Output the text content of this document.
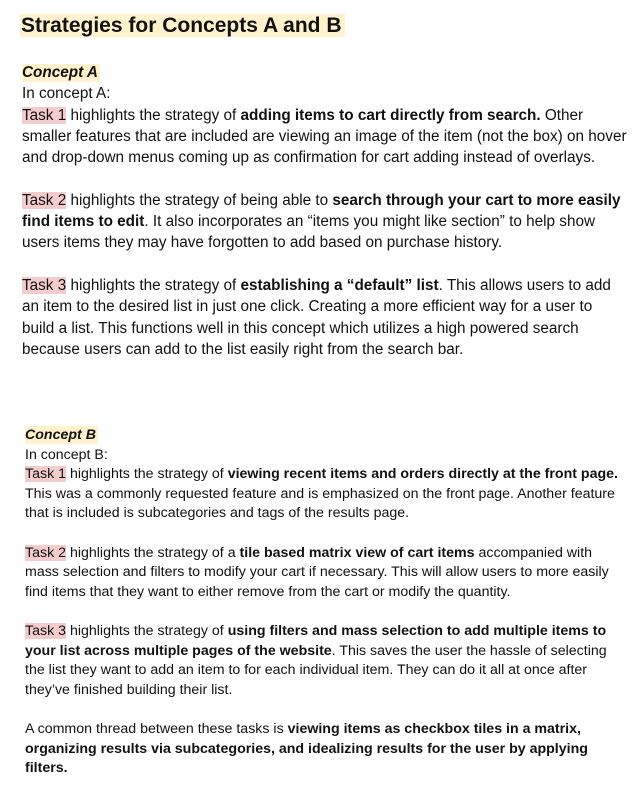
Strategies for Concepts A and B
Concept A

In concept A:

Task 1 highlights the strategy of adding items to cart directly from search. Other smaller features that are included are viewing an image of the item (not the box) on hover and drop-down menus coming up as confirmation for cart adding instead of overlays.

Task 2 highlights the strategy of being able to search through your cart to more easily find items to edit. It also incorporates an “items you might like section” to help show users items they may have forgotten to add based on purchase history.

Task 3 highlights the strategy of establishing a “default” list. This allows users to add an item to the desired list in just one click. Creating a more efficient way for a user to build a list. This functions well in this concept which utilizes a high powered search because users can add to the list easily right from the search bar.

Concept B

In concept B:

Task 1 highlights the strategy of viewing recent items and orders directly at the front page. This was a commonly requested feature and is emphasized on the front page. Another feature that is included is subcategories and tags of the results page.

Task 2 highlights the strategy of a tile based matrix view of cart items accompanied with mass selection and filters to modify your cart if necessary. This will allow users to more easily find items that they want to either remove from the cart or modify the quantity.

Task 3 highlights the strategy of using filters and mass selection to add multiple items to your list across multiple pages of the website. This saves the user the hassle of selecting the list they want to add an item to for each individual item. They can do it all at once after they’ve finished building their list.

A common thread between these tasks is viewing items as checkbox tiles in a matrix, organizing results via subcategories, and idealizing results for the user by applying filters.
